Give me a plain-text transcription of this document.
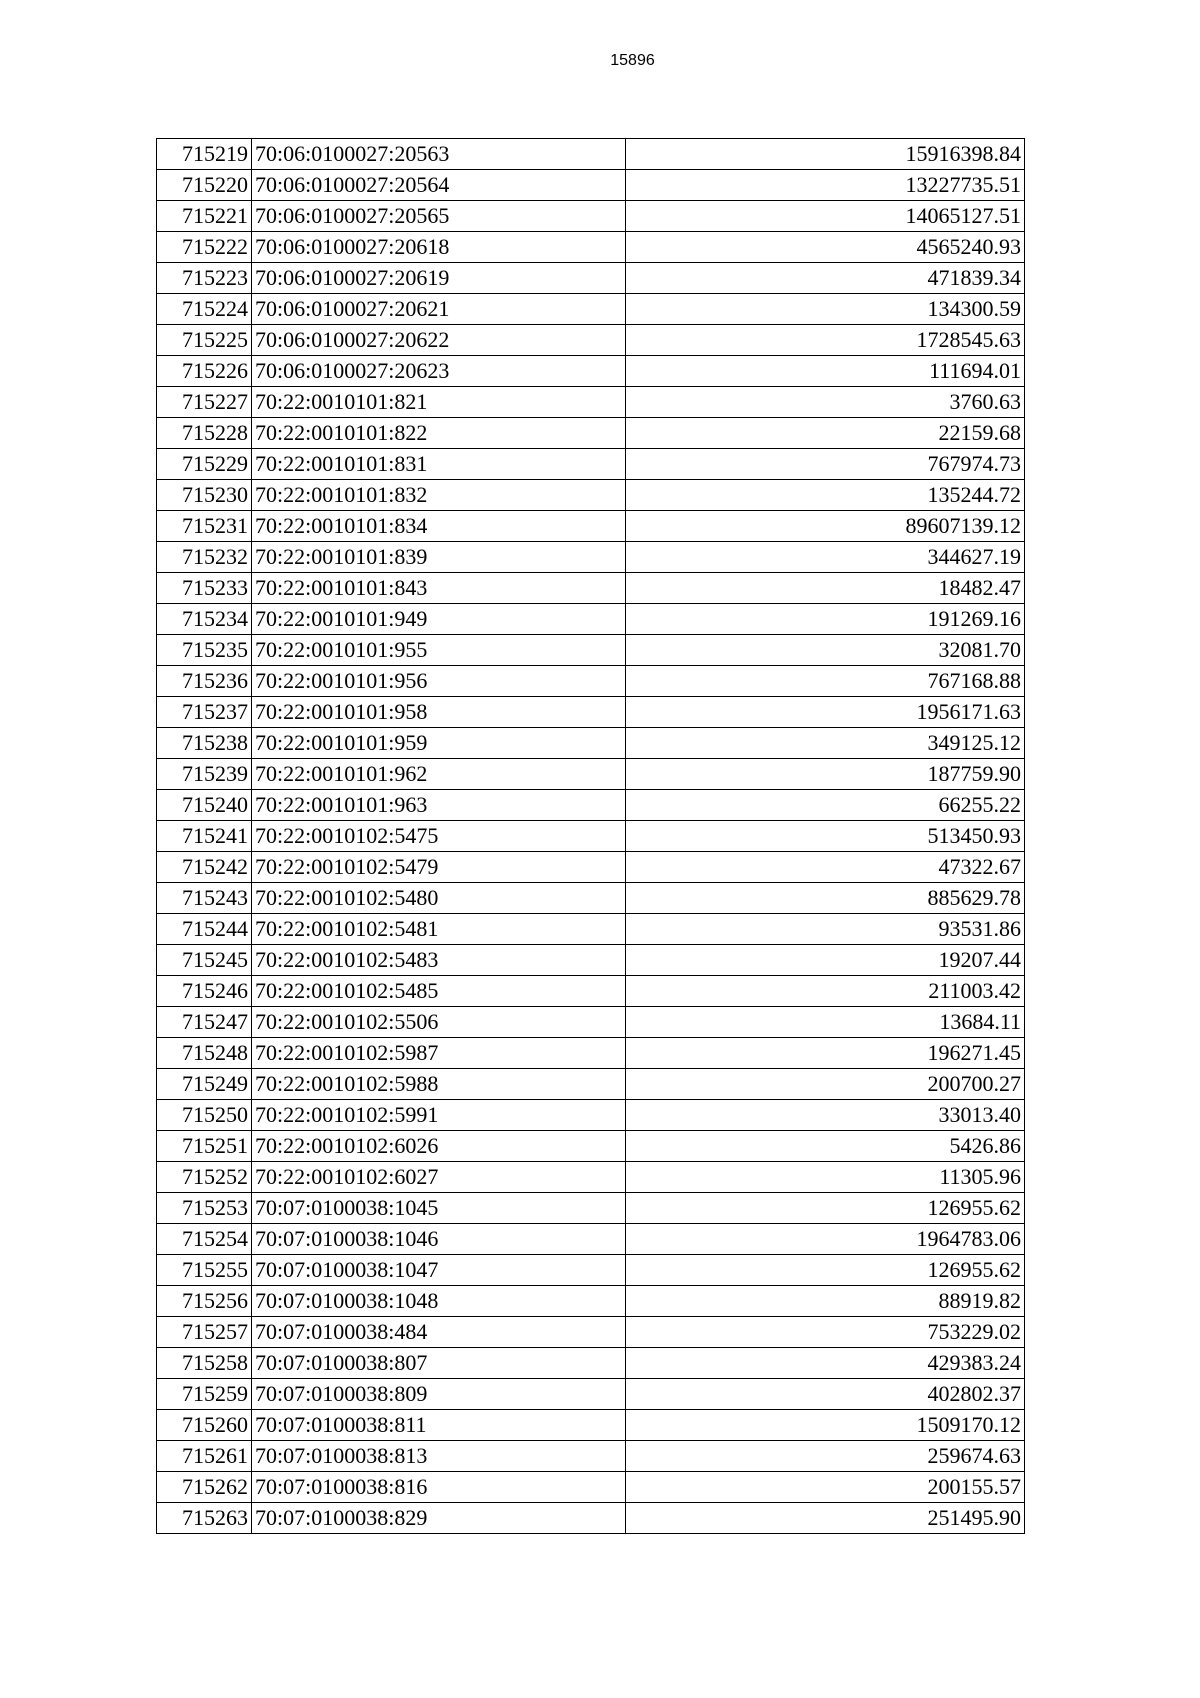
15896
715219	70:06:0100027:20563	15916398.84
715220	70:06:0100027:20564	13227735.51
715221	70:06:0100027:20565	14065127.51
715222	70:06:0100027:20618	4565240.93
715223	70:06:0100027:20619	471839.34
715224	70:06:0100027:20621	134300.59
715225	70:06:0100027:20622	1728545.63
715226	70:06:0100027:20623	111694.01
715227	70:22:0010101:821	3760.63
715228	70:22:0010101:822	22159.68
715229	70:22:0010101:831	767974.73
715230	70:22:0010101:832	135244.72
715231	70:22:0010101:834	89607139.12
715232	70:22:0010101:839	344627.19
715233	70:22:0010101:843	18482.47
715234	70:22:0010101:949	191269.16
715235	70:22:0010101:955	32081.70
715236	70:22:0010101:956	767168.88
715237	70:22:0010101:958	1956171.63
715238	70:22:0010101:959	349125.12
715239	70:22:0010101:962	187759.90
715240	70:22:0010101:963	66255.22
715241	70:22:0010102:5475	513450.93
715242	70:22:0010102:5479	47322.67
715243	70:22:0010102:5480	885629.78
715244	70:22:0010102:5481	93531.86
715245	70:22:0010102:5483	19207.44
715246	70:22:0010102:5485	211003.42
715247	70:22:0010102:5506	13684.11
715248	70:22:0010102:5987	196271.45
715249	70:22:0010102:5988	200700.27
715250	70:22:0010102:5991	33013.40
715251	70:22:0010102:6026	5426.86
715252	70:22:0010102:6027	11305.96
715253	70:07:0100038:1045	126955.62
715254	70:07:0100038:1046	1964783.06
715255	70:07:0100038:1047	126955.62
715256	70:07:0100038:1048	88919.82
715257	70:07:0100038:484	753229.02
715258	70:07:0100038:807	429383.24
715259	70:07:0100038:809	402802.37
715260	70:07:0100038:811	1509170.12
715261	70:07:0100038:813	259674.63
715262	70:07:0100038:816	200155.57
715263	70:07:0100038:829	251495.90
